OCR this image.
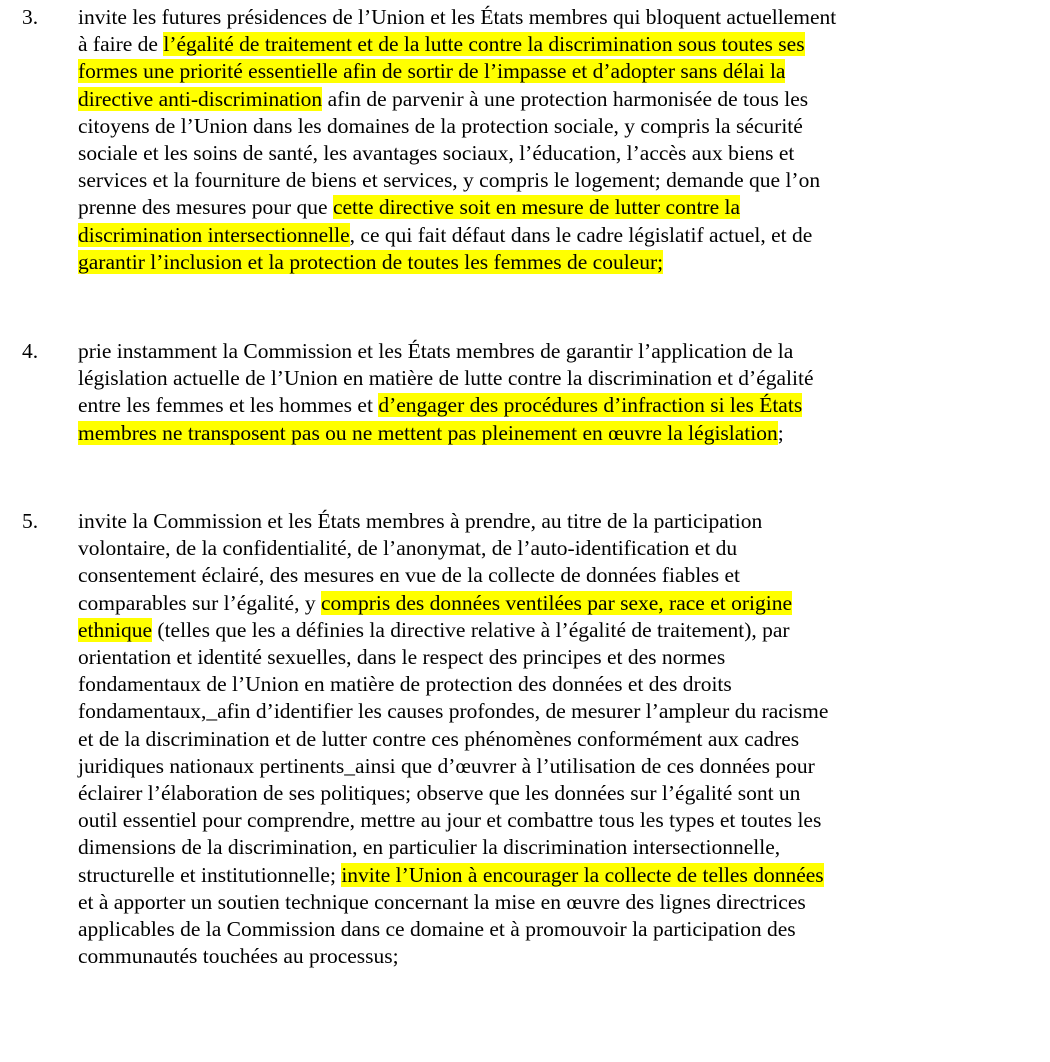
3. invite les futures présidences de l’Union et les États membres qui bloquent actuellement
à faire de l’égalité de traitement et de la lutte contre la discrimination sous toutes ses
formes une priorité essentielle afin de sortir de l’impasse et d’adopter sans délai la
directive anti-discrimination afin de parvenir à une protection harmonisée de tous les
citoyens de l’Union dans les domaines de la protection sociale, y compris la sécurité
sociale et les soins de santé, les avantages sociaux, l’éducation, l’accès aux biens et
services et la fourniture de biens et services, y compris le logement; demande que l’on
prenne des mesures pour que cette directive soit en mesure de lutter contre la
discrimination intersectionnelle, ce qui fait défaut dans le cadre législatif actuel, et de
garantir l’inclusion et la protection de toutes les femmes de couleur;
4. prie instamment la Commission et les États membres de garantir l’application de la
législation actuelle de l’Union en matière de lutte contre la discrimination et d’égalité
entre les femmes et les hommes et d’engager des procédures d’infraction si les États
membres ne transposent pas ou ne mettent pas pleinement en œuvre la législation;
5. invite la Commission et les États membres à prendre, au titre de la participation
volontaire, de la confidentialité, de l’anonymat, de l’auto-identification et du
consentement éclairé, des mesures en vue de la collecte de données fiables et
comparables sur l’égalité, y compris des données ventilées par sexe, race et origine
ethnique (telles que les a définies la directive relative à l’égalité de traitement), par
orientation et identité sexuelles, dans le respect des principes et des normes
fondamentaux de l’Union en matière de protection des données et des droits
fondamentaux,_afin d’identifier les causes profondes, de mesurer l’ampleur du racisme
et de la discrimination et de lutter contre ces phénomènes conformément aux cadres
juridiques nationaux pertinents_ainsi que d’œuvrer à l’utilisation de ces données pour
éclairer l’élaboration de ses politiques; observe que les données sur l’égalité sont un
outil essentiel pour comprendre, mettre au jour et combattre tous les types et toutes les
dimensions de la discrimination, en particulier la discrimination intersectionnelle,
structurelle et institutionnelle; invite l’Union à encourager la collecte de telles données
et à apporter un soutien technique concernant la mise en œuvre des lignes directrices
applicables de la Commission dans ce domaine et à promouvoir la participation des
communautés touchées au processus;
